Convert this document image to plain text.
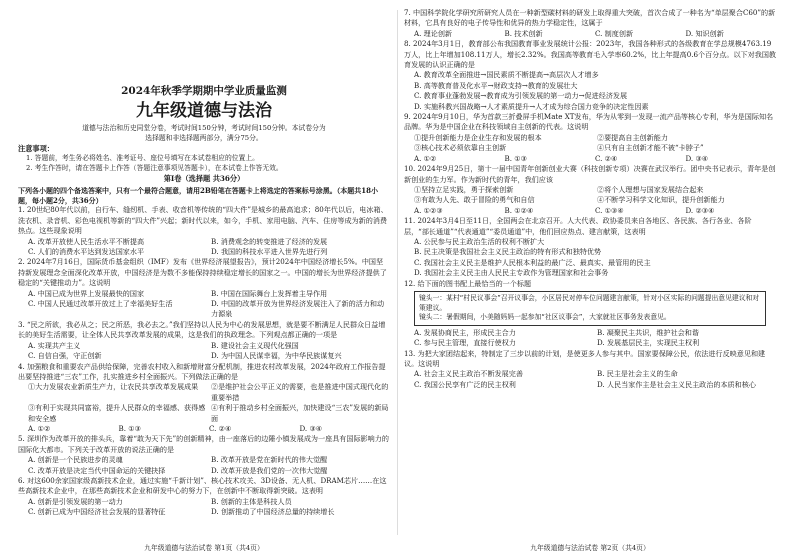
2024年秋季学期期中学业质量监测
九年级道德与法治
道德与法治和历史同堂分卷，考试时间150分钟，考试时间150分钟。本试卷分为
选择题和非选择题两部分，满分75分。
注意事项：
1. 答题前，考生务必将姓名、准考证号、座位号填写在本试卷相应的位置上。
2. 考生作答时，请在答题卡上作答（答题注意事项见答题卡），在本试卷上作答无效。
第Ⅰ卷（选择题 共36分）
下列各小题的四个备选答案中，只有一个最符合题意，请用2B铅笔在答题卡上将选定的答案标号涂黑。（本题共18小题，每小题2分，共36分）
1. 20世纪80年代以前，自行车、缝纫机、手表、收音机等传统的“四大件”是城乡的最高追求；80年代以后，电冰箱、洗衣机、录音机、彩色电视机等新的“四大件”兴起；新时代以来，如今，手机、家用电脑、汽车、住房等成为新的消费热点。这些现象说明
A. 改革开放使人民生活水平不断提高	B. 消费观念的转变推进了经济的发展
C. 人们的消费水平达到发达国家水平	D. 我国的科技水平进入世界先进行列
2. 2024年7月16日，国际货币基金组织（IMF）发布《世界经济展望报告》，预计2024年中国经济增长5%。中国坚持新发展理念全面深化改革开放，中国经济是为数不多能保持持续稳定增长的国家之一。中国的增长为世界经济提供了稳定的“关键推动力”。这说明
A. 中国已成为世界上发展最快的国家	B. 中国在国际舞台上发挥着主导作用
C. 中国人民通过改革开放过上了幸福美好生活	D. 中国的改革开放为世界经济发展注入了新的活力和动力源泉
3. “民之所欲，我必从之；民之所恶，我必去之。”我们坚持以人民为中心的发展思想，就是要不断满足人民群众日益增长的美好生活需要，让全体人民共享改革发展的成果，这是我们的执政理念。下列观点都正确的一项是
A. 实现共产主义	B. 建设社会主义现代化强国
C. 自信自强，守正创新	D. 为中国人民谋幸福，为中华民族谋复兴
4. 加强粮食和重要农产品供给保障，完善农村收入和新增财富分配机制，推进农村改革发展，2024年政府工作报告提出要坚持推进“三农”工作，扎实推进乡村全面振兴。下列做法正确的是
①大力发展农业新质生产力，让农民共享改革发展成果	②是维护社会公平正义的需要，也是推进中国式现代化的重要举措
③有利于实现共同富裕，提升人民群众的幸福感、获得感和安全感
④有利于推动乡村全面振兴，加快建设“三农”发展的新局面
A. ①②	B. ①③	C. ②④	D. ③④
5. 深圳作为改革开放的排头兵，靠着“敢为天下先”的创新精神，由一座落后的边陲小镇发展成为一座具有国际影响力的国际化大都市。下列关于改革开放的说法正确的是
A. 创新是一个民族进步的灵魂	B. 改革开放是党在新时代的伟大觉醒
C. 改革开放是决定当代中国命运的关键抉择	D. 改革开放是我们党的一次伟大觉醒
6. 对这600余家国家级高新技术企业，通过实施“千新计划”、核心技术攻关、3D设备、无人机、DRAM芯片……在这些高新技术企业中，在那些高新技术企业和研发中心的努力下，在创新中不断取得新突破。这表明
A. 创新是引领发展的第一动力	B. 创新的主体是科技人员
C. 创新已成为中国经济社会发展的显著特征	D. 创新推动了中国经济总量的持续增长
九年级道德与法治试卷 第1页（共4页）
7. 中国科学院化学研究所研究人员在一种新型碳材料的研发上取得重大突破，首次合成了一种名为“单层聚合C60”的新材料，它具有良好的电子传导性和优异的热力学稳定性，这属于
A. 理论创新	B. 技术创新	C. 制度创新	D. 知识创新
8. 2024年3月1日，教育部公布我国教育事业发展统计公报：2023年，我国各种形式的各级教育在学总规模4763.19万人，比上年增加108.11万人，增长2.32%。我国高等教育毛入学率60.2%，比上年提高0.6个百分点。以下对我国教育发展的认识正确的是
A. 教育改革全面推进→国民素质不断提高→高层次人才增多
B. 高等教育普及化水平→财政支持→教育的发展壮大
C. 教育事业蓬勃发展→教育成为引领发展的第一动力→促进经济发展
D. 实施科教兴国战略→人才素质提升→人才成为综合国力竞争的决定性因素
9. 2024年9月10日，华为首款三折叠屏手机Mate XT发布，华为从零到一发现一流产品等核心专利，华为是国际知名品牌。华为是中国企业在科技领域自主创新的代表。这说明
①提升创新能力是企业生存和发展的根本	②要提高自主创新能力
③核心技术必须依靠自主创新	④只有自主创新才能不被“卡脖子”
A. ①②	B. ①③	C. ②④	D. ③④
10. 2024年9月25日，第十一届中国青年创新创业大赛（科技创新专项）决赛在武汉举行。团中央书记表示，青年是创新创业的生力军。作为新时代的青年，我们应该
①坚持立足实践，勇于探索创新	②将个人理想与国家发展结合起来
③有敢为人先、敢于冒险的勇气和自信	④不断学习科学文化知识，提升创新能力
A. ①②③	B. ①②④	C. ①③④	D. ②③④
11. 2024年3月4日至11日，全国两会在北京召开。人大代表、政协委员来自各地区、各民族、各行各业、各阶层，“部长通道”“代表通道”“委员通道”中，他们回应热点、建言献策，这表明
A. 公民参与民主政治生活的权利不断扩大
B. 民主决策是我国社会主义民主政治的特有形式和独特优势
C. 我国社会主义民主是维护人民根本利益的最广泛、最真实、最管用的民主
D. 我国社会主义民主由人民民主专政作为管理国家和社会事务
12. 给下面的图书配上最恰当的一个标题
镜头一：某村“村民议事会”召开议事会，小区居民对停车位问题建言献策，针对小区实际的问题提出意见建议和对策建议。
镜头二：暑假期间，小美随妈妈一起参加“社区议事会”，大家就社区事务发表意见。
A. 发展协商民主，形成民主合力	B. 凝聚民主共识，维护社会和谐
C. 参与民主管理，直接行使权力	D. 发展基层民主，实现民主权利
13. 为把大家团结起来，特制定了三步以前的计划，是使更多人参与其中。国家要保障公民，依法进行反映意见和建议。这说明
A. 社会主义民主政治不断发展完善	B. 民主是社会主义的生命
C. 我国公民享有广泛的民主权利	D. 人民当家作主是社会主义民主政治的本质和核心
九年级道德与法治试卷 第2页（共4页）
